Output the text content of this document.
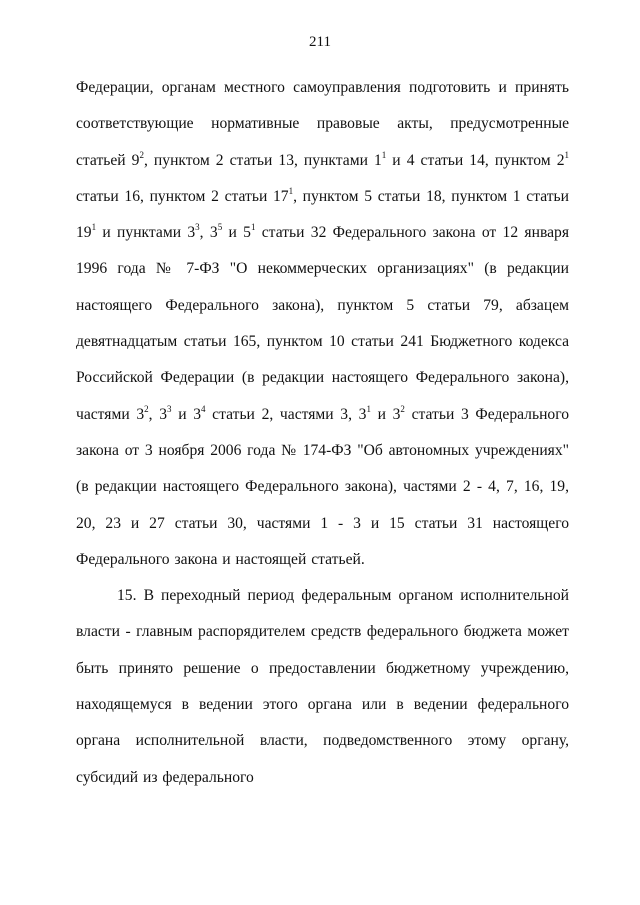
211

Федерации, органам местного самоуправления подготовить и принять соответствующие нормативные правовые акты, предусмотренные статьей $9^2$, пунктом 2 статьи 13, пунктами $1^1$ и 4 статьи 14, пунктом $2^1$ статьи 16, пунктом 2 статьи $17^1$, пунктом 5 статьи 18, пунктом 1 статьи $19^1$ и пунктами $3^3$, $3^5$ и $5^1$ статьи 32 Федерального закона от 12 января 1996 года № 7-ФЗ "О некоммерческих организациях" (в редакции настоящего Федерального закона), пунктом 5 статьи 79, абзацем девятнадцатым статьи 165, пунктом 10 статьи 241 Бюджетного кодекса Российской Федерации (в редакции настоящего Федерального закона), частями $3^2$, $3^3$ и $3^4$ статьи 2, частями 3, $3^1$ и $3^2$ статьи 3 Федерального закона от 3 ноября 2006 года № 174-ФЗ "Об автономных учреждениях" (в редакции настоящего Федерального закона), частями 2 - 4, 7, 16, 19, 20, 23 и 27 статьи 30, частями 1 - 3 и 15 статьи 31 настоящего Федерального закона и настоящей статьей.

15. В переходный период федеральным органом исполнительной власти - главным распорядителем средств федерального бюджета может быть принято решение о предоставлении бюджетному учреждению, находящемуся в ведении этого органа или в ведении федерального органа исполнительной власти, подведомственного этому органу, субсидий из федерального
